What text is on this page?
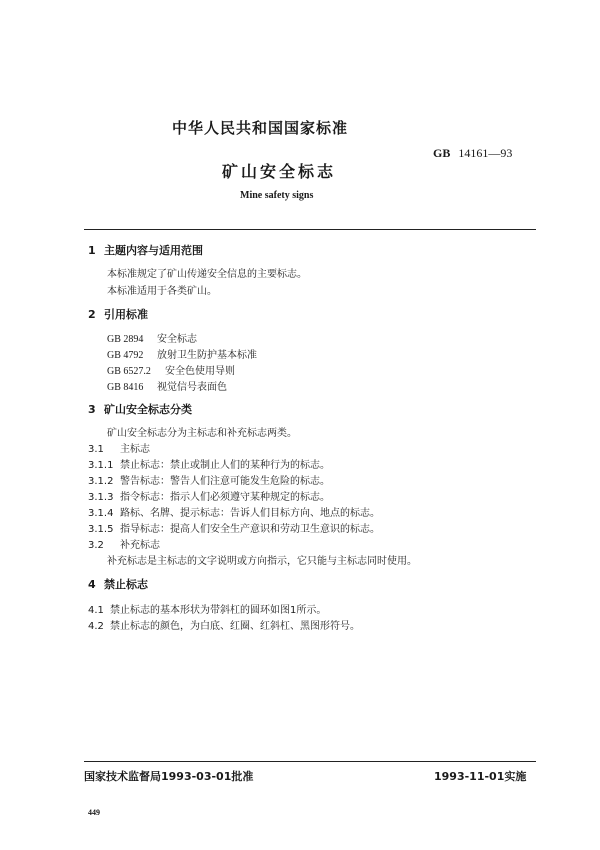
中华人民共和国国家标准
GB 14161—93
矿山安全标志
Mine safety signs
1 主题内容与适用范围
本标准规定了矿山传递安全信息的主要标志。
本标准适用于各类矿山。
2 引用标准
GB 2894 安全标志
GB 4792 放射卫生防护基本标准
GB 6527.2 安全色使用导则
GB 8416 视觉信号表面色
3 矿山安全标志分类
矿山安全标志分为主标志和补充标志两类。
3.1 主标志
3.1.1 禁止标志：禁止或制止人们的某种行为的标志。
3.1.2 警告标志：警告人们注意可能发生危险的标志。
3.1.3 指令标志：指示人们必须遵守某种规定的标志。
3.1.4 路标、名牌、提示标志：告诉人们目标方向、地点的标志。
3.1.5 指导标志：提高人们安全生产意识和劳动卫生意识的标志。
3.2 补充标志
补充标志是主标志的文字说明或方向指示，它只能与主标志同时使用。
4 禁止标志
4.1 禁止标志的基本形状为带斜杠的圆环如图1所示。
4.2 禁止标志的颜色，为白底、红圈、红斜杠、黑图形符号。
国家技术监督局1993-03-01批准	1993-11-01实施
449
